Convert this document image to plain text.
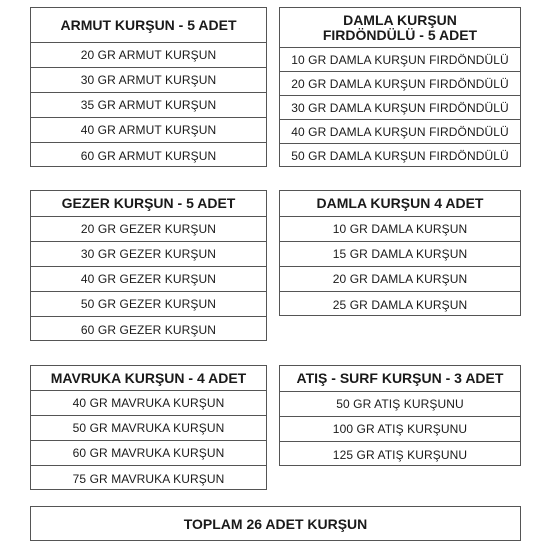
ARMUT KURŞUN - 5 ADET
20 GR ARMUT KURŞUN
30 GR ARMUT KURŞUN
35 GR ARMUT KURŞUN
40 GR ARMUT KURŞUN
60 GR ARMUT KURŞUN
DAMLA KURŞUN
FIRDÖNDÜLÜ - 5 ADET
10 GR DAMLA KURŞUN FIRDÖNDÜLÜ
20 GR DAMLA KURŞUN FIRDÖNDÜLÜ
30 GR DAMLA KURŞUN FIRDÖNDÜLÜ
40 GR DAMLA KURŞUN FIRDÖNDÜLÜ
50 GR DAMLA KURŞUN FIRDÖNDÜLÜ
GEZER KURŞUN - 5 ADET
20 GR GEZER KURŞUN
30 GR GEZER KURŞUN
40 GR GEZER KURŞUN
50 GR GEZER KURŞUN
60 GR GEZER KURŞUN
DAMLA KURŞUN 4 ADET
10 GR DAMLA KURŞUN
15 GR DAMLA KURŞUN
20 GR DAMLA KURŞUN
25 GR DAMLA KURŞUN
MAVRUKA KURŞUN - 4 ADET
40 GR MAVRUKA KURŞUN
50 GR MAVRUKA KURŞUN
60 GR MAVRUKA KURŞUN
75 GR MAVRUKA KURŞUN
ATIŞ - SURF KURŞUN - 3 ADET
50 GR ATIŞ KURŞUNU
100 GR ATIŞ KURŞUNU
125 GR ATIŞ KURŞUNU
TOPLAM 26 ADET KURŞUN
